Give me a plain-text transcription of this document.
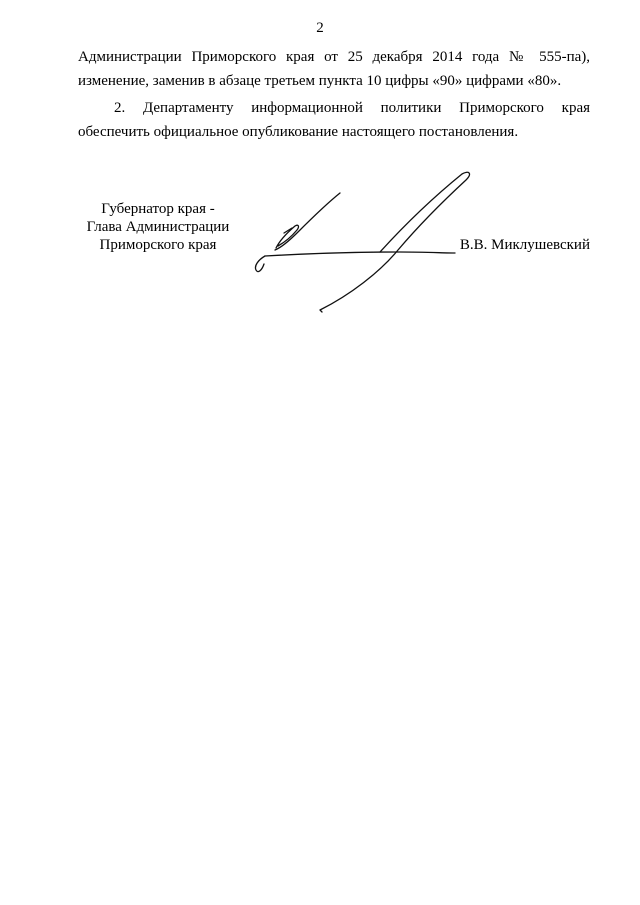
2
Администрации Приморского края от 25 декабря 2014 года № 555-па),
изменение, заменив в абзаце третьем пункта 10 цифры «90» цифрами «80».
2. Департаменту информационной политики Приморского края
обеспечить официальное опубликование настоящего постановления.
Губернатор края -
Глава Администрации
Приморского края	В.В. Миклушевский
